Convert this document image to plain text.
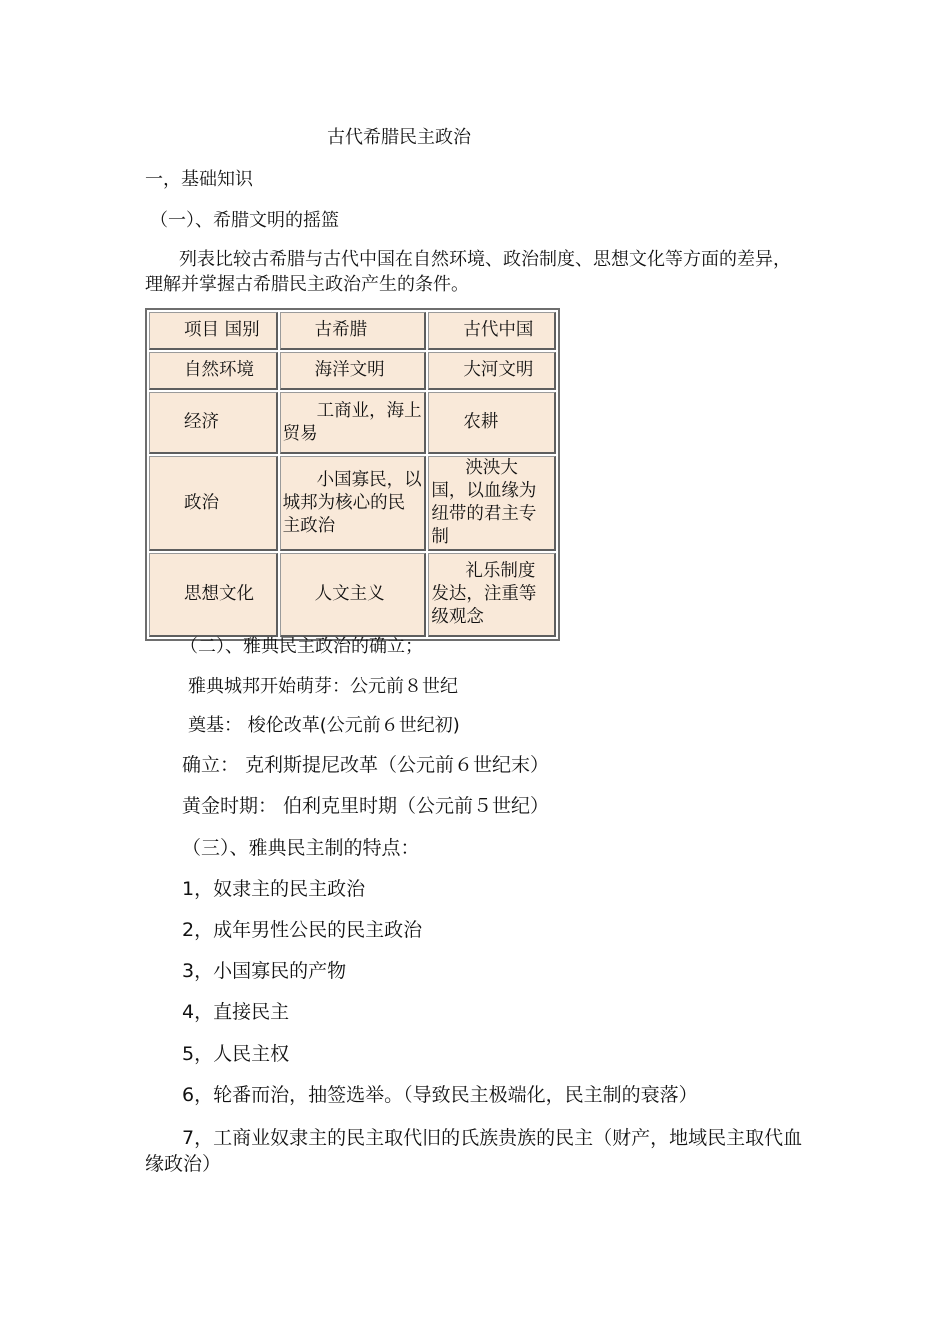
古代希腊民主政治
一，基础知识
（一）、希腊文明的摇篮
列表比较古希腊与古代中国在自然环境、政治制度、思想文化等方面的差异，理解并掌握古希腊民主政治产生的条件。
项目 国别	古希腊	古代中国
自然环境	海洋文明	大河文明
经济	工商业，海上贸易	农耕
政治	小国寡民，以城邦为核心的民主政治	泱泱大国，以血缘为纽带的君主专制
思想文化	人文主义	礼乐制度发达，注重等级观念
（二）、雅典民主政治的确立；
雅典城邦开始萌芽：公元前８世纪
奠基： 梭伦改革(公元前６世纪初)
确立： 克利斯提尼改革（公元前６世纪末）
黄金时期： 伯利克里时期（公元前５世纪）
（三）、雅典民主制的特点：
1，奴隶主的民主政治
2，成年男性公民的民主政治
3，小国寡民的产物
4，直接民主
5，人民主权
6，轮番而治，抽签选举。（导致民主极端化，民主制的衰落）
7，工商业奴隶主的民主取代旧的氏族贵族的民主（财产，地域民主取代血缘政治）
